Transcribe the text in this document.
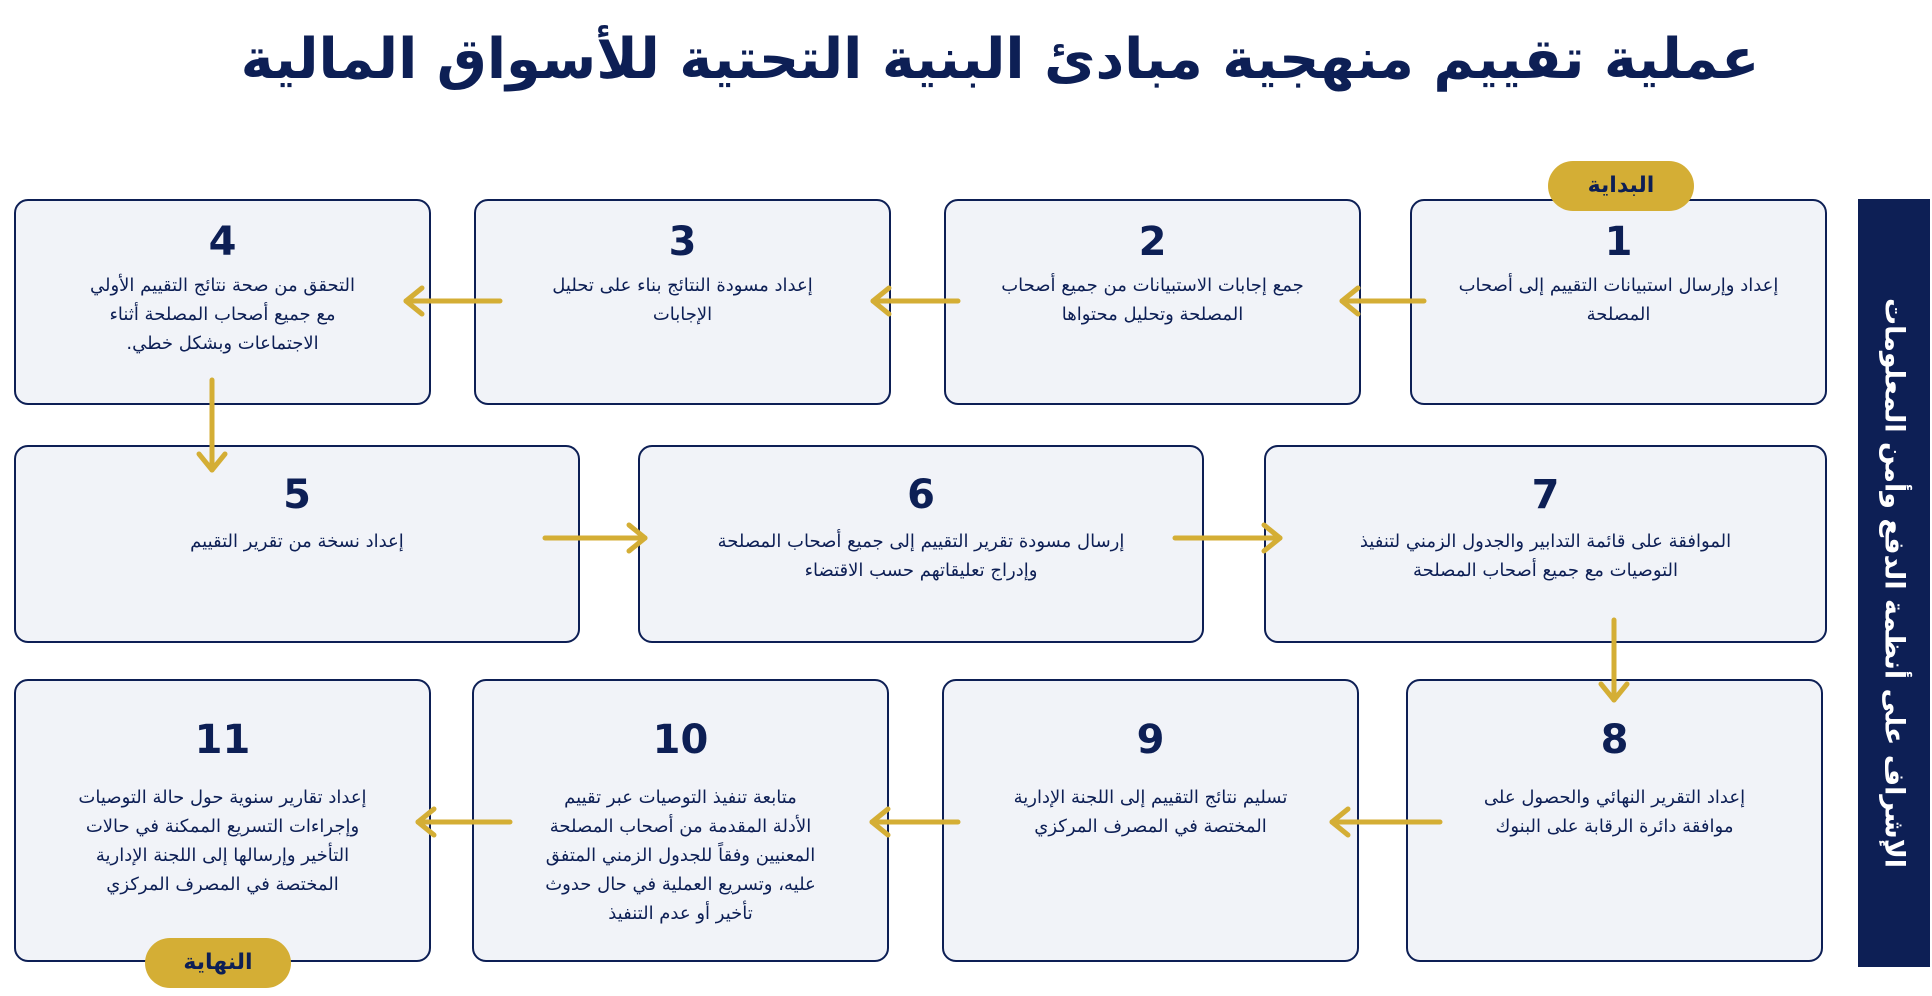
عملية تقييم منهجية مبادئ البنية التحتية للأسواق المالية
1
إعداد وإرسال استبيانات التقييم إلى أصحاب
المصلحة
2
جمع إجابات الاستبيانات من جميع أصحاب
المصلحة وتحليل محتواها
3
إعداد مسودة النتائج بناء على تحليل
الإجابات
4
التحقق من صحة نتائج التقييم الأولي
مع جميع أصحاب المصلحة أثناء
الاجتماعات وبشكل خطي.
5
إعداد نسخة من تقرير التقييم
6
إرسال مسودة تقرير التقييم إلى جميع أصحاب المصلحة
وإدراج تعليقاتهم حسب الاقتضاء
7
الموافقة على قائمة التدابير والجدول الزمني لتنفيذ
التوصيات مع جميع أصحاب المصلحة
8
إعداد التقرير النهائي والحصول على
موافقة دائرة الرقابة على البنوك
9
تسليم نتائج التقييم إلى اللجنة الإدارية
المختصة في المصرف المركزي
10
متابعة تنفيذ التوصيات عبر تقييم
الأدلة المقدمة من أصحاب المصلحة
المعنيين وفقاً للجدول الزمني المتفق
عليه، وتسريع العملية في حال حدوث
تأخير أو عدم التنفيذ
11
إعداد تقارير سنوية حول حالة التوصيات
وإجراءات التسريع الممكنة في حالات
التأخير وإرسالها إلى اللجنة الإدارية
المختصة في المصرف المركزي
البداية
النهاية
الإشراف على أنظمة الدفع وأمن المعلومات
